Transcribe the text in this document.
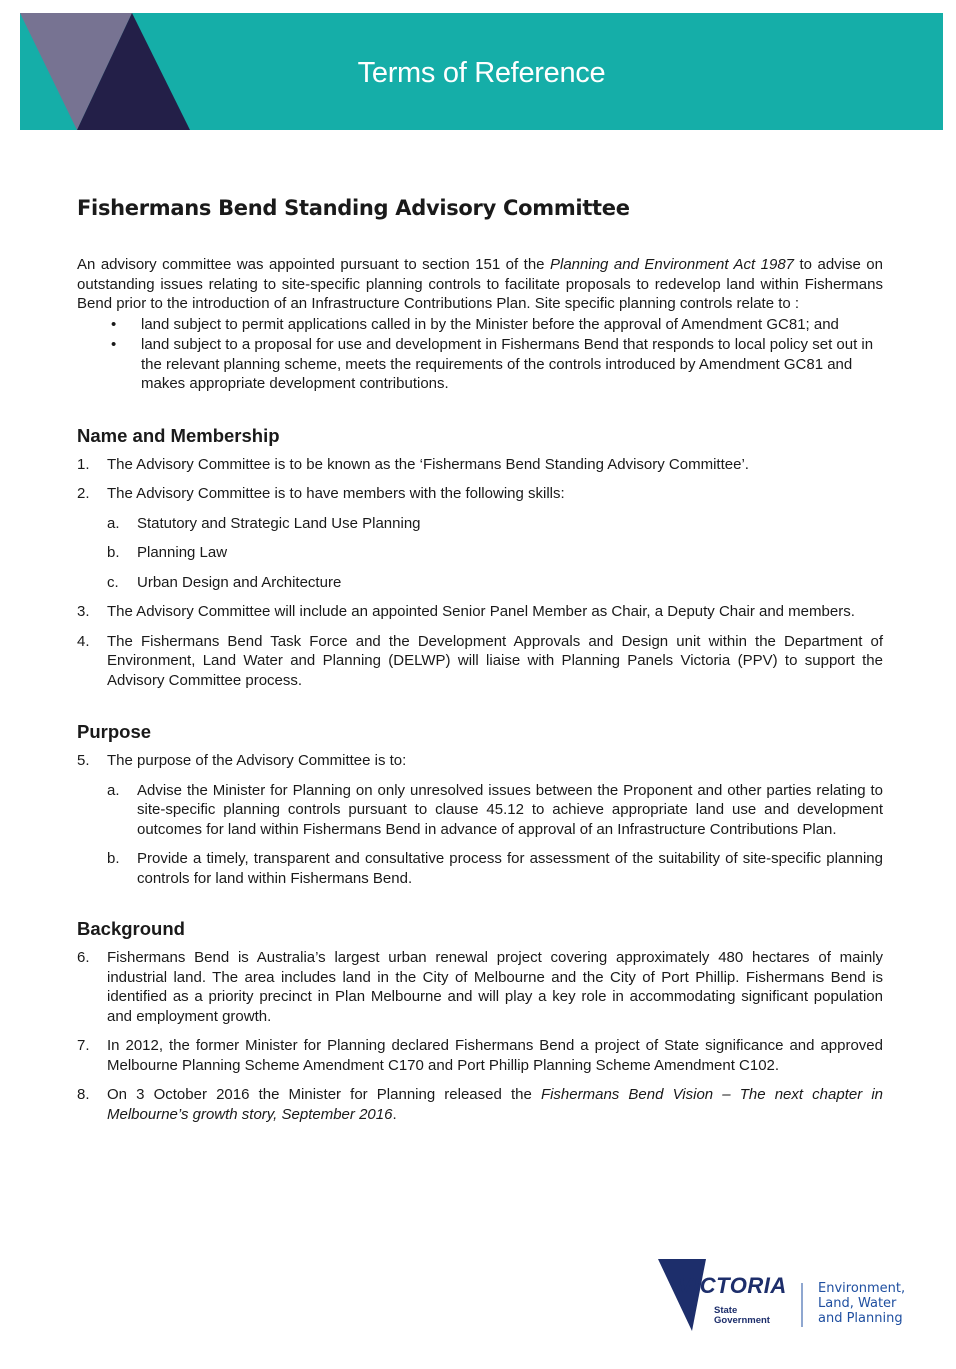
Terms of Reference
Fishermans Bend Standing Advisory Committee

An advisory committee was appointed pursuant to section 151 of the Planning and Environment Act 1987 to advise on outstanding issues relating to site-specific planning controls to facilitate proposals to redevelop land within Fishermans Bend prior to the introduction of an Infrastructure Contributions Plan. Site specific planning controls relate to :

• land subject to permit applications called in by the Minister before the approval of Amendment GC81; and
• land subject to a proposal for use and development in Fishermans Bend that responds to local policy set out in the relevant planning scheme, meets the requirements of the controls introduced by Amendment GC81 and makes appropriate development contributions.
Name and Membership
1. The Advisory Committee is to be known as the ‘Fishermans Bend Standing Advisory Committee’.
2. The Advisory Committee is to have members with the following skills:
a. Statutory and Strategic Land Use Planning
b. Planning Law
c. Urban Design and Architecture
3. The Advisory Committee will include an appointed Senior Panel Member as Chair, a Deputy Chair and members.
4. The Fishermans Bend Task Force and the Development Approvals and Design unit within the Department of Environment, Land Water and Planning (DELWP) will liaise with Planning Panels Victoria (PPV) to support the Advisory Committee process.
Purpose
5. The purpose of the Advisory Committee is to:
a. Advise the Minister for Planning on only unresolved issues between the Proponent and other parties relating to site-specific planning controls pursuant to clause 45.12 to achieve appropriate land use and development outcomes for land within Fishermans Bend in advance of approval of an Infrastructure Contributions Plan.
b. Provide a timely, transparent and consultative process for assessment of the suitability of site-specific planning controls for land within Fishermans Bend.
Background
6. Fishermans Bend is Australia’s largest urban renewal project covering approximately 480 hectares of mainly industrial land. The area includes land in the City of Melbourne and the City of Port Phillip. Fishermans Bend is identified as a priority precinct in Plan Melbourne and will play a key role in accommodating significant population and employment growth.
7. In 2012, the former Minister for Planning declared Fishermans Bend a project of State significance and approved Melbourne Planning Scheme Amendment C170 and Port Phillip Planning Scheme Amendment C102.
8. On 3 October 2016 the Minister for Planning released the Fishermans Bend Vision – The next chapter in Melbourne’s growth story, September 2016.
VICTORIA
State
Government
Environment,
Land, Water
and Planning
